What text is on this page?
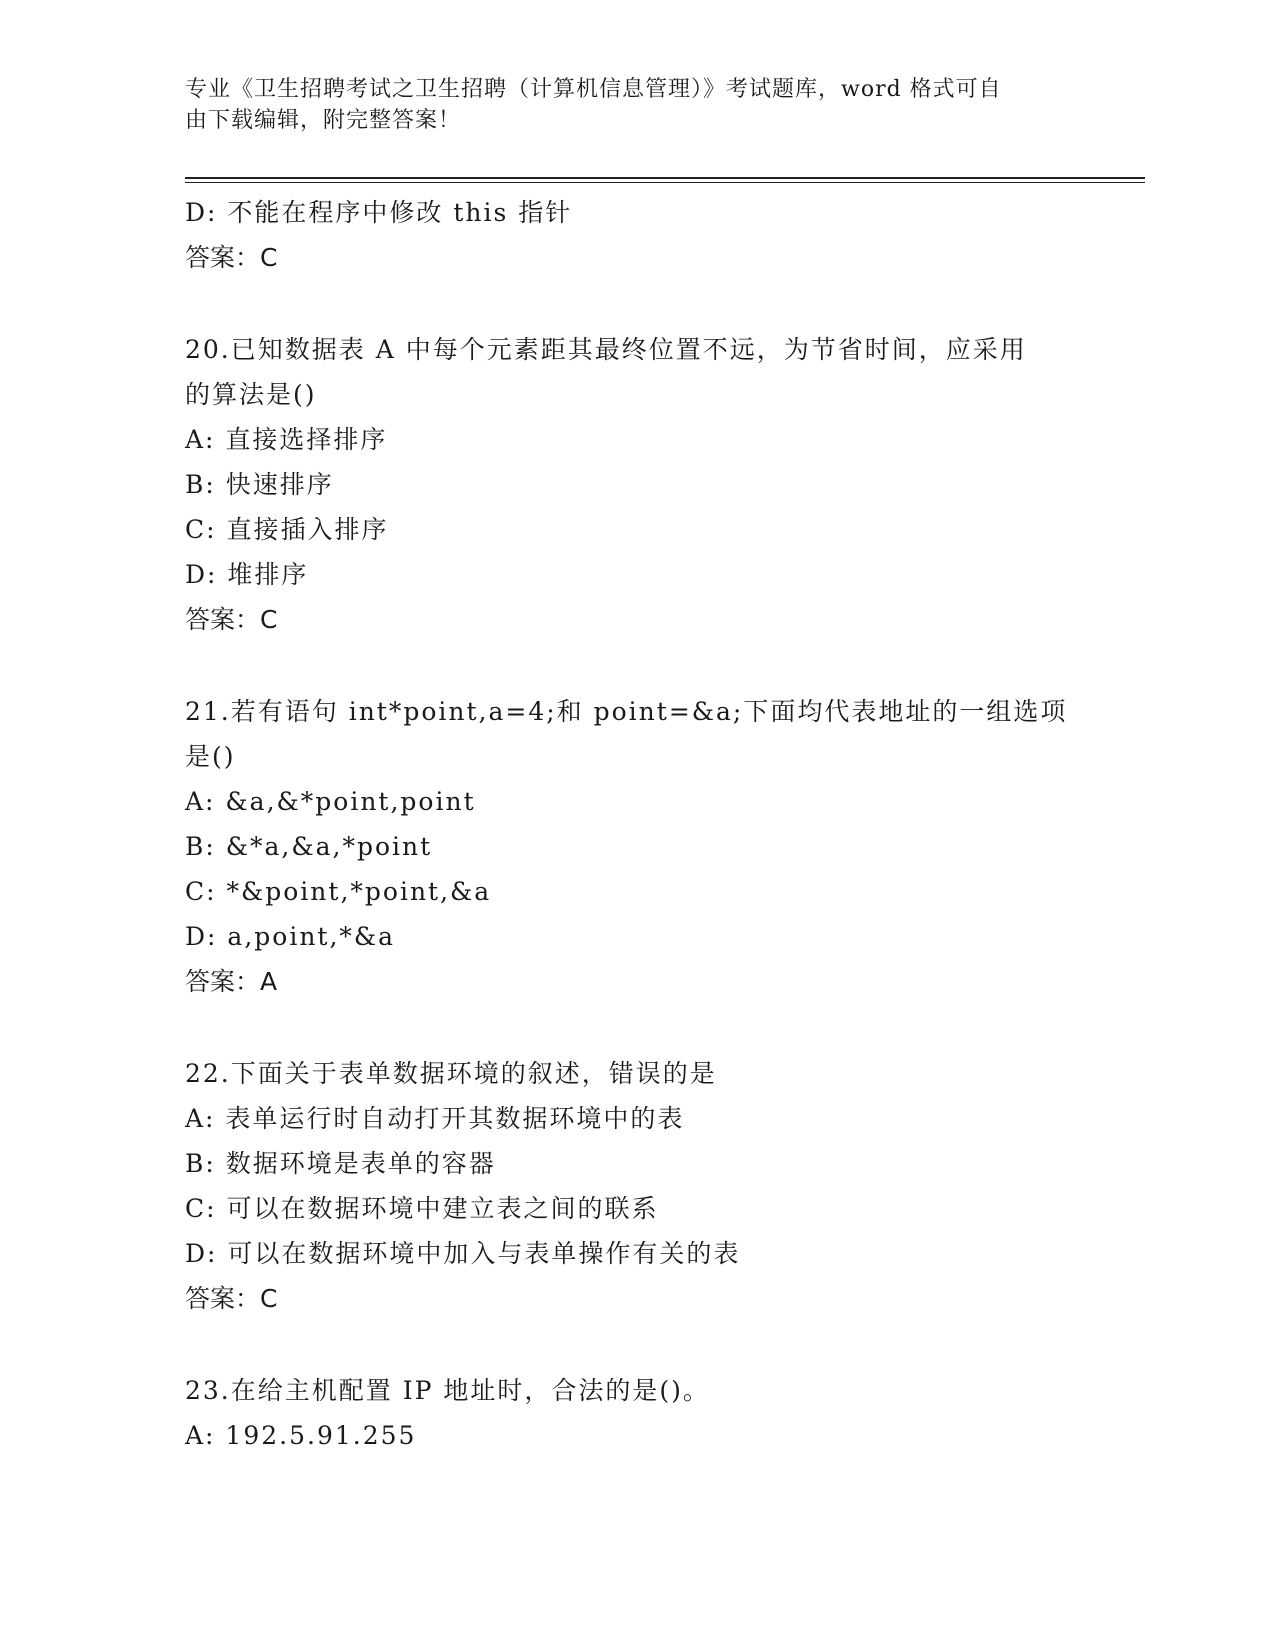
专业《卫生招聘考试之卫生招聘（计算机信息管理）》考试题库，word 格式可自
由下载编辑，附完整答案！
D: 不能在程序中修改 this 指针
答案：C
20.已知数据表 A 中每个元素距其最终位置不远，为节省时间，应采用
的算法是()
A: 直接选择排序
B: 快速排序
C: 直接插入排序
D: 堆排序
答案：C
21.若有语句 int*point,a=4;和 point=&a;下面均代表地址的一组选项
是()
A: &a,&*point,point
B: &*a,&a,*point
C: *&point,*point,&a
D: a,point,*&a
答案：A
22.下面关于表单数据环境的叙述，错误的是
A: 表单运行时自动打开其数据环境中的表
B: 数据环境是表单的容器
C: 可以在数据环境中建立表之间的联系
D: 可以在数据环境中加入与表单操作有关的表
答案：C
23.在给主机配置 IP 地址时，合法的是()。
A: 192.5.91.255
